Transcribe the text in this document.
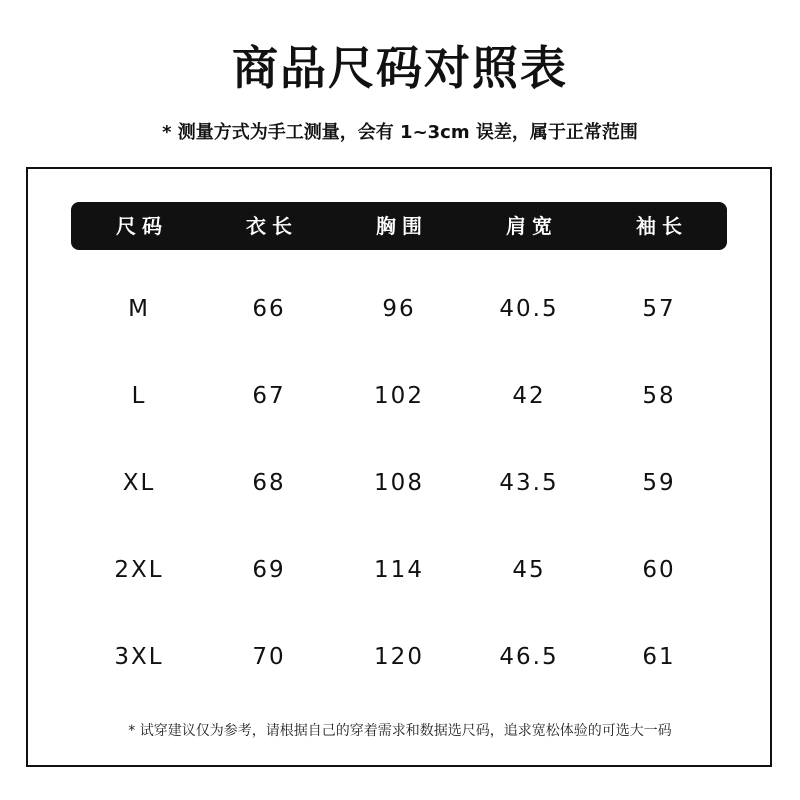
商品尺码对照表
* 测量方式为手工测量，会有 1~3cm 误差，属于正常范围
尺码	衣长	胸围	肩宽	袖长
M	66	96	40.5	57
L	67	102	42	58
XL	68	108	43.5	59
2XL	69	114	45	60
3XL	70	120	46.5	61
* 试穿建议仅为参考，请根据自己的穿着需求和数据选尺码，追求宽松体验的可选大一码
